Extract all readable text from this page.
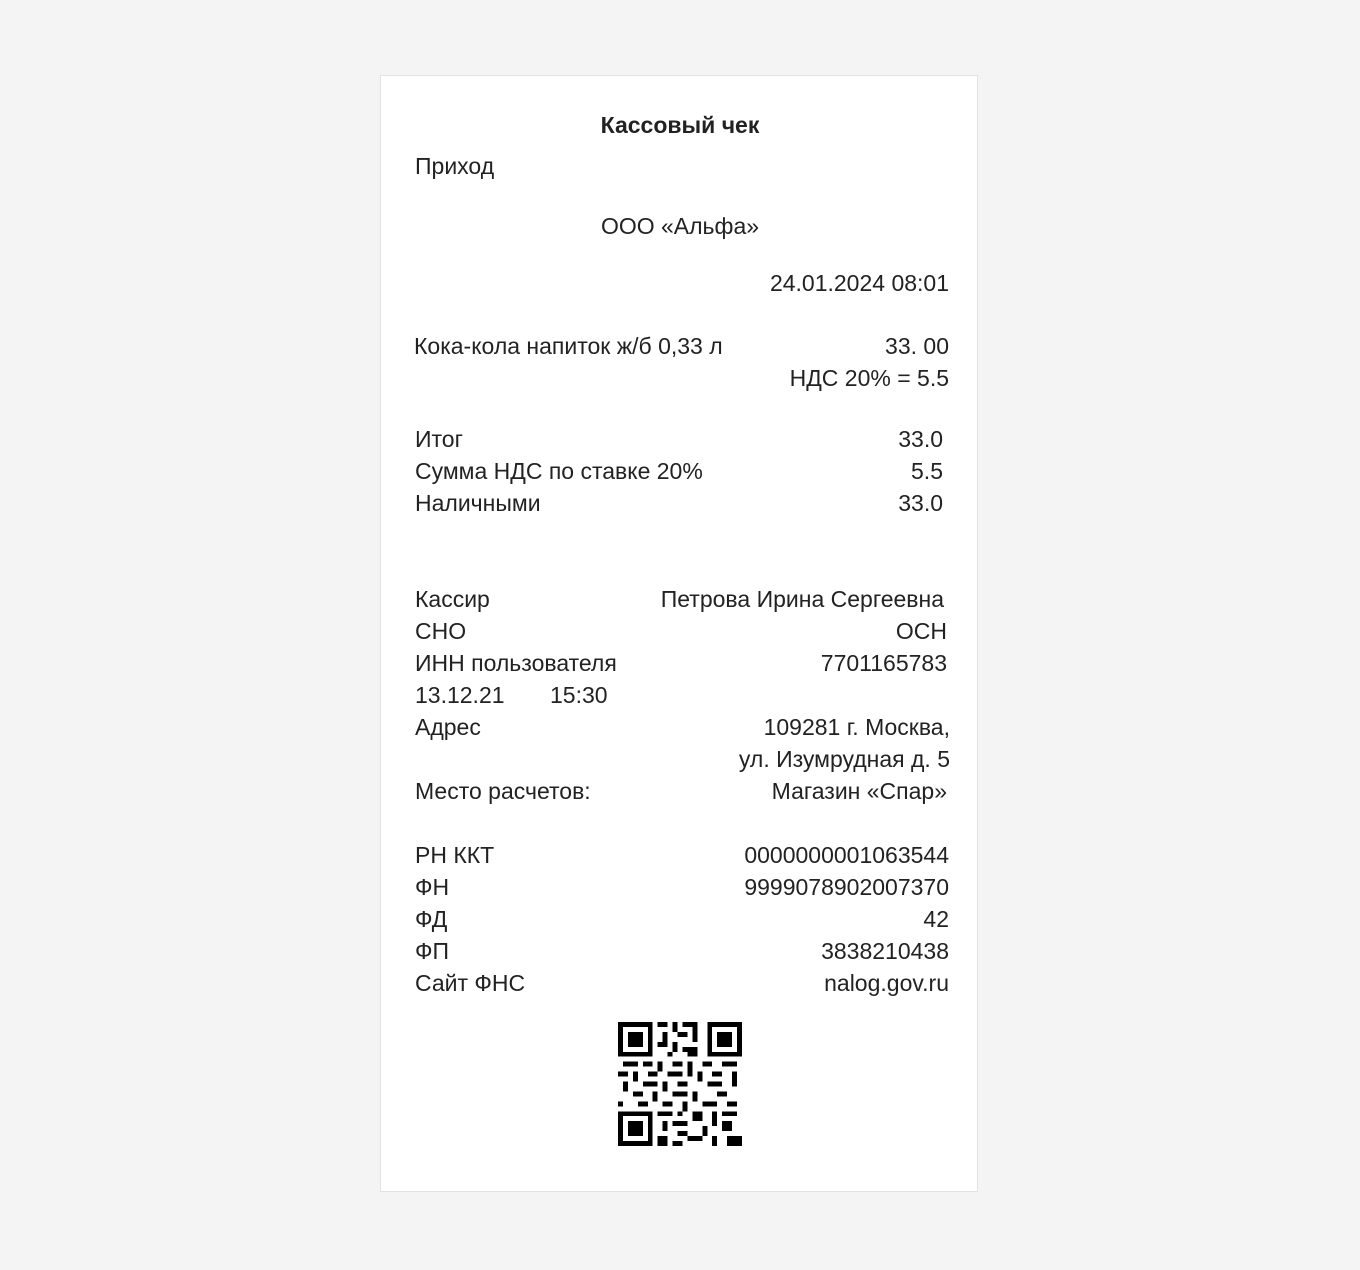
Кассовый чек
Приход
ООО «Альфа»
24.01.2024 08:01
Кока-кола напиток ж/б 0,33 л	33. 00
НДС 20% = 5.5
Итог	33.0
Сумма НДС по ставке 20%	5.5
Наличными	33.0
Кассир	Петрова Ирина Сергеевна
СНО	ОСН
ИНН пользователя	7701165783
13.12.21 15:30
Адрес	109281 г. Москва,
ул. Изумрудная д. 5
Место расчетов:	Магазин «Спар»
РН ККТ	0000000001063544
ФН	9999078902007370
ФД	42
ФП	3838210438
Сайт ФНС	nalog.gov.ru
